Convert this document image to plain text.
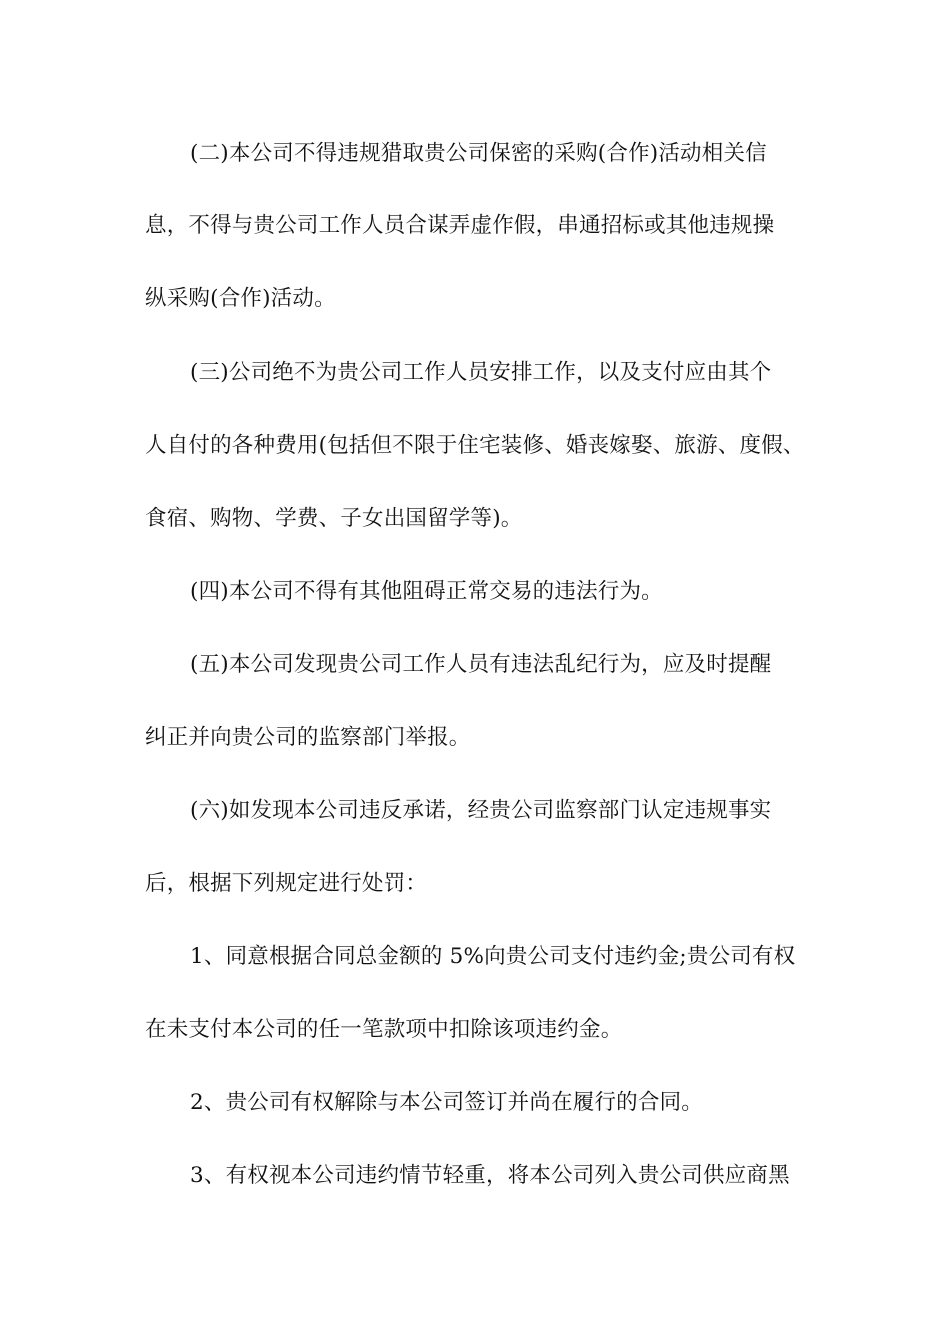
(二)本公司不得违规猎取贵公司保密的采购(合作)活动相关信
息，不得与贵公司工作人员合谋弄虚作假，串通招标或其他违规操
纵采购(合作)活动。
(三)公司绝不为贵公司工作人员安排工作，以及支付应由其个
人自付的各种费用(包括但不限于住宅装修、婚丧嫁娶、旅游、度假、
食宿、购物、学费、子女出国留学等)。
(四)本公司不得有其他阻碍正常交易的违法行为。
(五)本公司发现贵公司工作人员有违法乱纪行为，应及时提醒
纠正并向贵公司的监察部门举报。
(六)如发现本公司违反承诺，经贵公司监察部门认定违规事实
后，根据下列规定进行处罚：
1、同意根据合同总金额的 5%向贵公司支付违约金;贵公司有权
在未支付本公司的任一笔款项中扣除该项违约金。
2、贵公司有权解除与本公司签订并尚在履行的合同。
3、有权视本公司违约情节轻重，将本公司列入贵公司供应商黑
